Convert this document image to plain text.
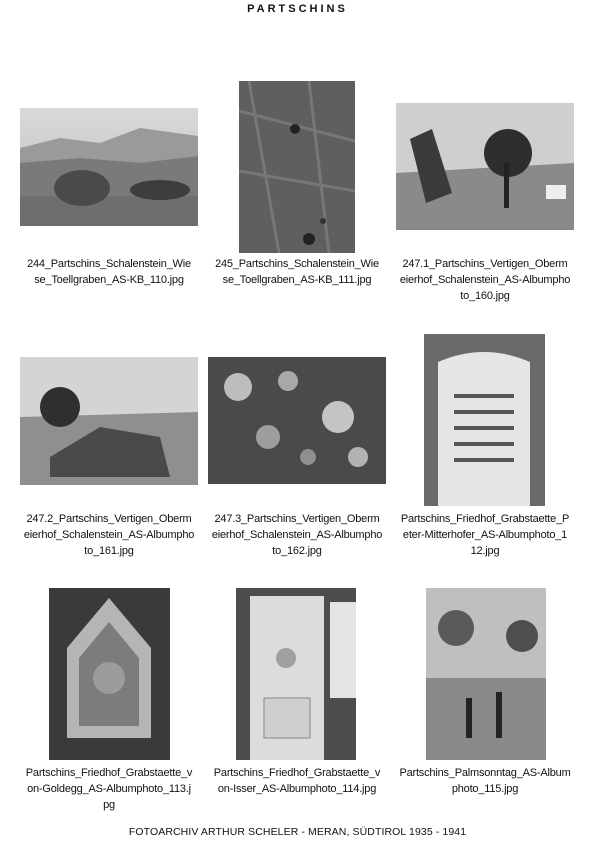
PARTSCHINS
244_Partschins_Schalenstein_Wie
se_Toellgraben_AS-KB_110.jpg
245_Partschins_Schalenstein_Wie
se_Toellgraben_AS-KB_111.jpg
247.1_Partschins_Vertigen_Oberm
eierhof_Schalenstein_AS-Albumpho
to_160.jpg
247.2_Partschins_Vertigen_Oberm
eierhof_Schalenstein_AS-Albumpho
to_161.jpg
247.3_Partschins_Vertigen_Oberm
eierhof_Schalenstein_AS-Albumpho
to_162.jpg
Partschins_Friedhof_Grabstaette_P
eter-Mitterhofer_AS-Albumphoto_1
12.jpg
Partschins_Friedhof_Grabstaette_v
on-Goldegg_AS-Albumphoto_113.j
pg
Partschins_Friedhof_Grabstaette_v
on-Isser_AS-Albumphoto_114.jpg
Partschins_Palmsonntag_AS-Album
photo_115.jpg
FOTOARCHIV ARTHUR SCHELER - MERAN, SÜDTIROL 1935 - 1941
